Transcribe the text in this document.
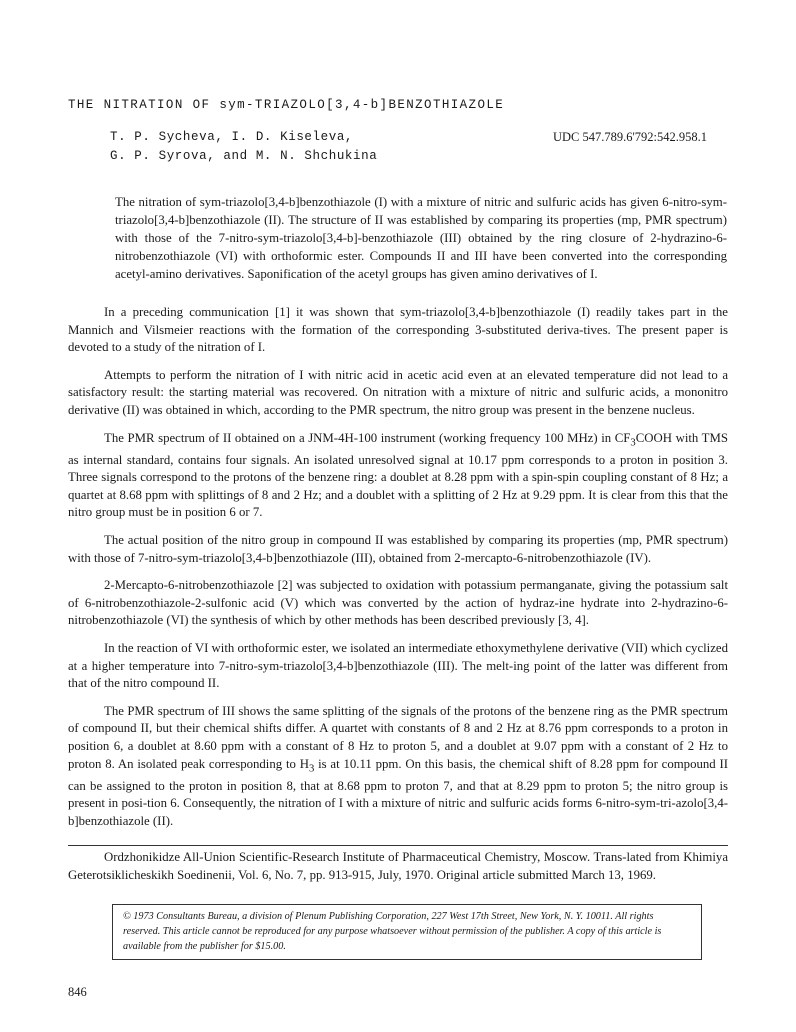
THE NITRATION OF sym-TRIAZOLO[3,4-b]BENZOTHIAZOLE
T. P. Sycheva, I. D. Kiseleva,
G. P. Syrova, and M. N. Shchukina
UDC 547.789.6'792:542.958.1
The nitration of sym-triazolo[3,4-b]benzothiazole (I) with a mixture of nitric and sulfuric acids has given 6-nitro-sym-triazolo[3,4-b]benzothiazole (II). The structure of II was established by comparing its properties (mp, PMR spectrum) with those of the 7-nitro-sym-triazolo[3,4-b]-benzothiazole (III) obtained by the ring closure of 2-hydrazino-6-nitrobenzothiazole (VI) with orthoformic ester. Compounds II and III have been converted into the corresponding acetyl-amino derivatives. Saponification of the acetyl groups has given amino derivatives of I.

In a preceding communication [1] it was shown that sym-triazolo[3,4-b]benzothiazole (I) readily takes part in the Mannich and Vilsmeier reactions with the formation of the corresponding 3-substituted deriva-tives. The present paper is devoted to a study of the nitration of I.

Attempts to perform the nitration of I with nitric acid in acetic acid even at an elevated temperature did not lead to a satisfactory result: the starting material was recovered. On nitration with a mixture of nitric and sulfuric acids, a mononitro derivative (II) was obtained in which, according to the PMR spectrum, the nitro group was present in the benzene nucleus.

The PMR spectrum of II obtained on a JNM-4H-100 instrument (working frequency 100 MHz) in $CF_3COOH$ with TMS as internal standard, contains four signals. An isolated unresolved signal at 10.17 ppm corresponds to a proton in position 3. Three signals correspond to the protons of the benzene ring: a doublet at 8.28 ppm with a spin-spin coupling constant of 8 Hz; a quartet at 8.68 ppm with splittings of 8 and 2 Hz; and a doublet with a splitting of 2 Hz at 9.29 ppm. It is clear from this that the nitro group must be in position 6 or 7.

The actual position of the nitro group in compound II was established by comparing its properties (mp, PMR spectrum) with those of 7-nitro-sym-triazolo[3,4-b]benzothiazole (III), obtained from 2-mercapto-6-nitrobenzothiazole (IV).

2-Mercapto-6-nitrobenzothiazole [2] was subjected to oxidation with potassium permanganate, giving the potassium salt of 6-nitrobenzothiazole-2-sulfonic acid (V) which was converted by the action of hydraz-ine hydrate into 2-hydrazino-6-nitrobenzothiazole (VI) the synthesis of which by other methods has been described previously [3, 4].

In the reaction of VI with orthoformic ester, we isolated an intermediate ethoxymethylene derivative (VII) which cyclized at a higher temperature into 7-nitro-sym-triazolo[3,4-b]benzothiazole (III). The melt-ing point of the latter was different from that of the nitro compound II.

The PMR spectrum of III shows the same splitting of the signals of the protons of the benzene ring as the PMR spectrum of compound II, but their chemical shifts differ. A quartet with constants of 8 and 2 Hz at 8.76 ppm corresponds to a proton in position 6, a doublet at 8.60 ppm with a constant of 8 Hz to proton 5, and a doublet at 9.07 ppm with a constant of 2 Hz to proton 8. An isolated peak corresponding to $H_3$ is at 10.11 ppm. On this basis, the chemical shift of 8.28 ppm for compound II can be assigned to the proton in position 8, that at 8.68 ppm to proton 7, and that at 8.29 ppm to proton 5; the nitro group is present in posi-tion 6. Consequently, the nitration of I with a mixture of nitric and sulfuric acids forms 6-nitro-sym-tri-azolo[3,4-b]benzothiazole (II).

Ordzhonikidze All-Union Scientific-Research Institute of Pharmaceutical Chemistry, Moscow. Trans-lated from Khimiya Geterotsiklicheskikh Soedinenii, Vol. 6, No. 7, pp. 913-915, July, 1970. Original article submitted March 13, 1969.
© 1973 Consultants Bureau, a division of Plenum Publishing Corporation, 227 West 17th Street, New York, N. Y. 10011. All rights reserved. This article cannot be reproduced for any purpose whatsoever without permission of the publisher. A copy of this article is available from the publisher for $15.00.
846
